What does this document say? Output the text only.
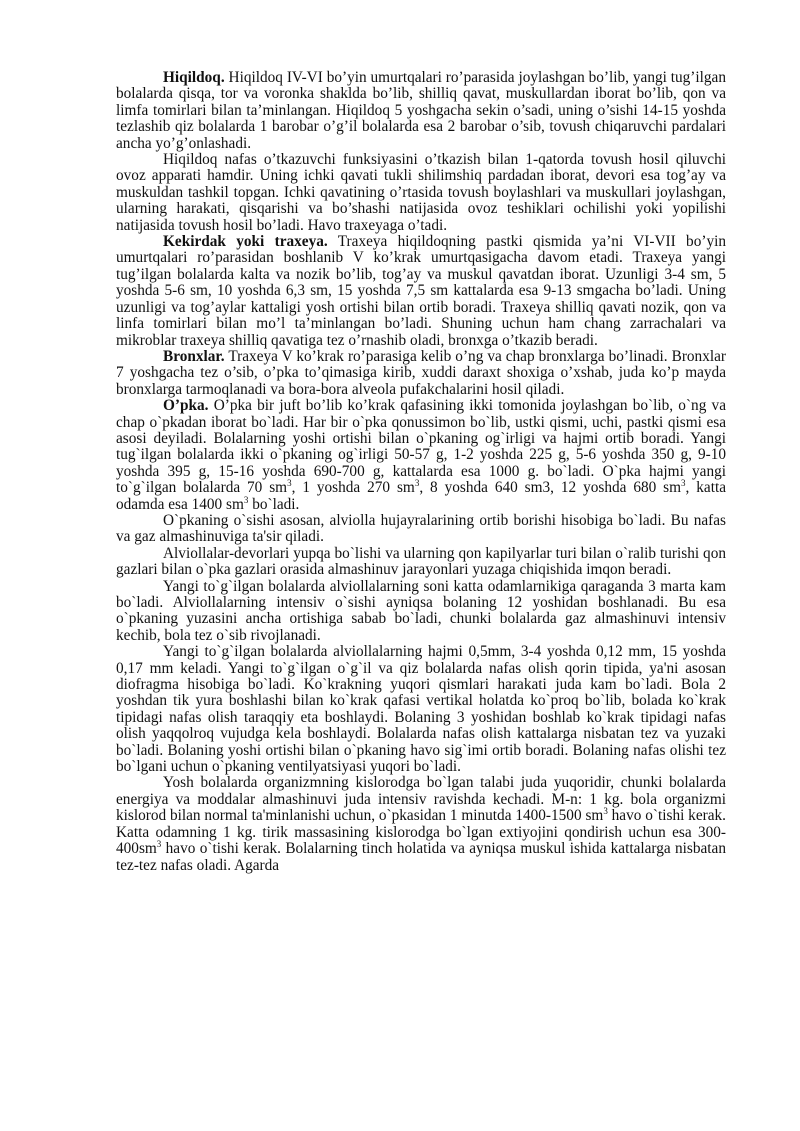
Hiqildoq. Hiqildoq IV-VI bo’yin umurtqalari ro’parasida joylashgan bo’lib, yangi tug’ilgan bolalarda qisqa, tor va voronka shaklda bo’lib, shilliq qavat, muskullardan iborat bo’lib, qon va limfa tomirlari bilan ta’minlangan. Hiqildoq 5 yoshgacha sekin o’sadi, uning o’sishi 14-15 yoshda tezlashib qiz bolalarda 1 barobar o’g’il bolalarda esa 2 barobar o’sib, tovush chiqaruvchi pardalari ancha yo’g’onlashadi.

Hiqildoq nafas o’tkazuvchi funksiyasini o’tkazish bilan 1-qatorda tovush hosil qiluvchi ovoz apparati hamdir. Uning ichki qavati tukli shilimshiq pardadan iborat, devori esa tog’ay va muskuldan tashkil topgan. Ichki qavatining o’rtasida tovush boylashlari va muskullari joylashgan, ularning harakati, qisqarishi va bo’shashi natijasida ovoz teshiklari ochilishi yoki yopilishi natijasida tovush hosil bo’ladi. Havo traxeyaga o’tadi.

Kekirdak yoki traxeya. Traxeya hiqildoqning pastki qismida ya’ni VI-VII bo’yin umurtqalari ro’parasidan boshlanib V ko’krak umurtqasigacha davom etadi. Traxeya yangi tug’ilgan bolalarda kalta va nozik bo’lib, tog’ay va muskul qavatdan iborat. Uzunligi 3-4 sm, 5 yoshda 5-6 sm, 10 yoshda 6,3 sm, 15 yoshda 7,5 sm kattalarda esa 9-13 smgacha bo’ladi. Uning uzunligi va tog’aylar kattaligi yosh ortishi bilan ortib boradi. Traxeya shilliq qavati nozik, qon va linfa tomirlari bilan mo’l ta’minlangan bo’ladi. Shuning uchun ham chang zarrachalari va mikroblar traxeya shilliq qavatiga tez o’rnashib oladi, bronxga o’tkazib beradi.

Bronxlar. Traxeya V ko’krak ro’parasiga kelib o’ng va chap bronxlarga bo’linadi. Bronxlar 7 yoshgacha tez o’sib, o’pka to’qimasiga kirib, xuddi daraxt shoxiga o’xshab, juda ko’p mayda bronxlarga tarmoqlanadi va bora-bora alveola pufakchalarini hosil qiladi.

O’pka. O’pka bir juft bo’lib ko’krak qafasining ikki tomonida joylashgan bo`lib, o`ng va chap o`pkadan iborat bo`ladi. Har bir o`pka qonussimon bo`lib, ustki qismi, uchi, pastki qismi esa asosi deyiladi. Bolalarning yoshi ortishi bilan o`pkaning og`irligi va hajmi ortib boradi. Yangi tug`ilgan bolalarda ikki o`pkaning og`irligi 50-57 g, 1-2 yoshda 225 g, 5-6 yoshda 350 g, 9-10 yoshda 395 g, 15-16 yoshda 690-700 g, kattalarda esa 1000 g. bo`ladi. O`pka hajmi yangi to`g`ilgan bolalarda 70 $sm^3$, 1 yoshda 270 $sm^3$, 8 yoshda 640 sm3, 12 yoshda 680 $sm^3$, katta odamda esa 1400 $sm^3$ bo`ladi.

O`pkaning o`sishi asosan, alviolla hujayralarining ortib borishi hisobiga bo`ladi. Bu nafas va gaz almashinuviga ta'sir qiladi.

Alviollalar-devorlari yupqa bo`lishi va ularning qon kapilyarlar turi bilan o`ralib turishi qon gazlari bilan o`pka gazlari orasida almashinuv jarayonlari yuzaga chiqishida imqon beradi.

Yangi to`g`ilgan bolalarda alviollalarning soni katta odamlarnikiga qaraganda 3 marta kam bo`ladi. Alviollalarning intensiv o`sishi ayniqsa bolaning 12 yoshidan boshlanadi. Bu esa o`pkaning yuzasini ancha ortishiga sabab bo`ladi, chunki bolalarda gaz almashinuvi intensiv kechib, bola tez o`sib rivojlanadi.

Yangi to`g`ilgan bolalarda alviollalarning hajmi 0,5mm, 3-4 yoshda 0,12 mm, 15 yoshda 0,17 mm keladi. Yangi to`g`ilgan o`g`il va qiz bolalarda nafas olish qorin tipida, ya'ni asosan diofragma hisobiga bo`ladi. Ko`krakning yuqori qismlari harakati juda kam bo`ladi. Bola 2 yoshdan tik yura boshlashi bilan ko`krak qafasi vertikal holatda ko`proq bo`lib, bolada ko`krak tipidagi nafas olish taraqqiy eta boshlaydi. Bolaning 3 yoshidan boshlab ko`krak tipidagi nafas olish yaqqolroq vujudga kela boshlaydi. Bolalarda nafas olish kattalarga nisbatan tez va yuzaki bo`ladi. Bolaning yoshi ortishi bilan o`pkaning havo sig`imi ortib boradi. Bolaning nafas olishi tez bo`lgani uchun o`pkaning ventilyatsiyasi yuqori bo`ladi.

Yosh bolalarda organizmning kislorodga bo`lgan talabi juda yuqoridir, chunki bolalarda energiya va moddalar almashinuvi juda intensiv ravishda kechadi. M-n: 1 kg. bola organizmi kislorod bilan normal ta'minlanishi uchun, o`pkasidan 1 minutda 1400-1500 $sm^3$ havo o`tishi kerak. Katta odamning 1 kg. tirik massasining kislorodga bo`lgan extiyojini qondirish uchun esa $300-400sm^3$ havo o`tishi kerak. Bolalarning tinch holatida va ayniqsa muskul ishida kattalarga nisbatan tez-tez nafas oladi. Agarda
